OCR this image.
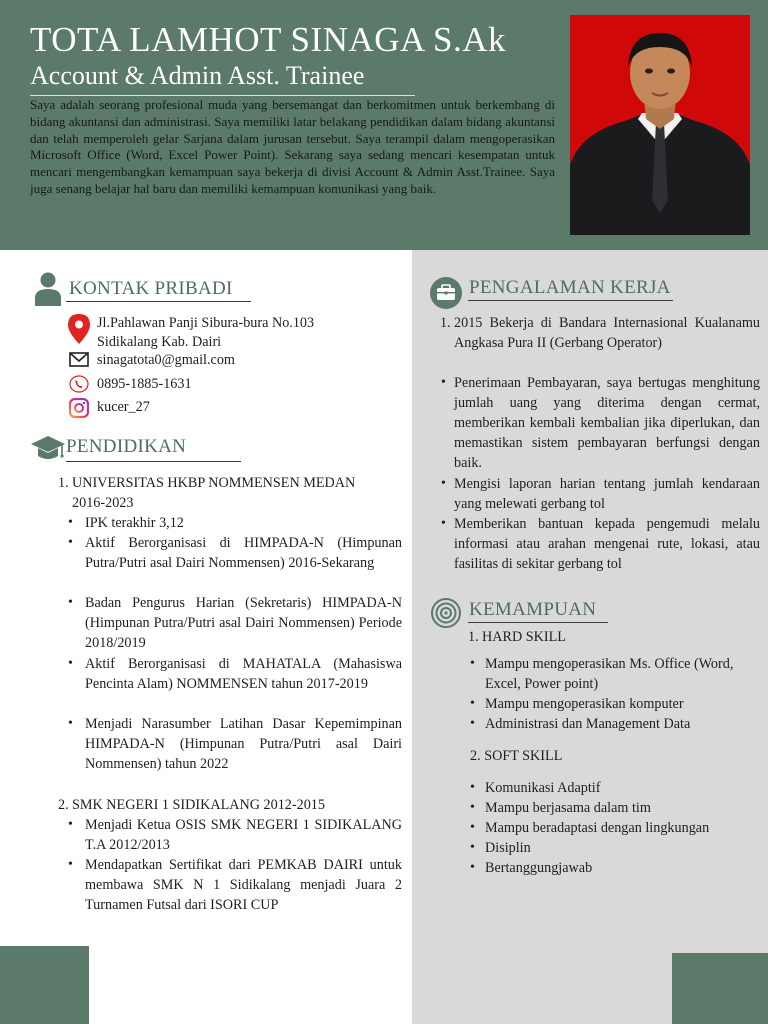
TOTA LAMHOT SINAGA S.Ak
Account & Admin Asst. Trainee
Saya adalah seorang profesional muda yang bersemangat dan berkomitmen untuk berkembang di bidang akuntansi dan administrasi. Saya memiliki latar belakang pendidikan dalam bidang akuntansi dan telah memperoleh gelar Sarjana dalam jurusan tersebut. Saya terampil dalam mengoperasikan Microsoft Office (Word, Excel Power Point). Sekarang saya sedang mencari kesempatan untuk mencari mengembangkan kemampuan saya bekerja di divisi Account & Admin Asst.Trainee. Saya juga senang belajar hal baru dan memiliki kemampuan komunikasi yang baik.
KONTAK PRIBADI
Jl.Pahlawan Panji Sibura-bura No.103
Sidikalang Kab. Dairi
sinagatota0@gmail.com
0895-1885-1631
kucer_27
PENDIDIKAN
1. UNIVERSITAS HKBP NOMMENSEN MEDAN
2016-2023
• IPK terakhir 3,12
• Aktif Berorganisasi di HIMPADA-N (Himpunan Putra/Putri asal Dairi Nommensen) 2016-Sekarang
• Badan Pengurus Harian (Sekretaris) HIMPADA-N (Himpunan Putra/Putri asal Dairi Nommensen) Periode 2018/2019
• Aktif Berorganisasi di MAHATALA (Mahasiswa Pencinta Alam) NOMMENSEN tahun 2017-2019
• Menjadi Narasumber Latihan Dasar Kepemimpinan HIMPADA-N (Himpunan Putra/Putri asal Dairi Nommensen) tahun 2022
2. SMK NEGERI 1 SIDIKALANG 2012-2015
• Menjadi Ketua OSIS SMK NEGERI 1 SIDIKALANG T.A 2012/2013
• Mendapatkan Sertifikat dari PEMKAB DAIRI untuk membawa SMK N 1 Sidikalang menjadi Juara 2 Turnamen Futsal dari ISORI CUP
PENGALAMAN KERJA
1. 2015 Bekerja di Bandara Internasional Kualanamu Angkasa Pura II (Gerbang Operator)
• Penerimaan Pembayaran, saya bertugas menghitung jumlah uang yang diterima dengan cermat, memberikan kembali kembalian jika diperlukan, dan memastikan sistem pembayaran berfungsi dengan baik.
• Mengisi laporan harian tentang jumlah kendaraan yang melewati gerbang tol
• Memberikan bantuan kepada pengemudi melalu informasi atau arahan mengenai rute, lokasi, atau fasilitas di sekitar gerbang tol
KEMAMPUAN
1. HARD SKILL
• Mampu mengoperasikan Ms. Office (Word, Excel, Power point)
• Mampu mengoperasikan komputer
• Administrasi dan Management Data
2. SOFT SKILL
• Komunikasi Adaptif
• Mampu berjasama dalam tim
• Mampu beradaptasi dengan lingkungan
• Disiplin
• Bertanggungjawab
